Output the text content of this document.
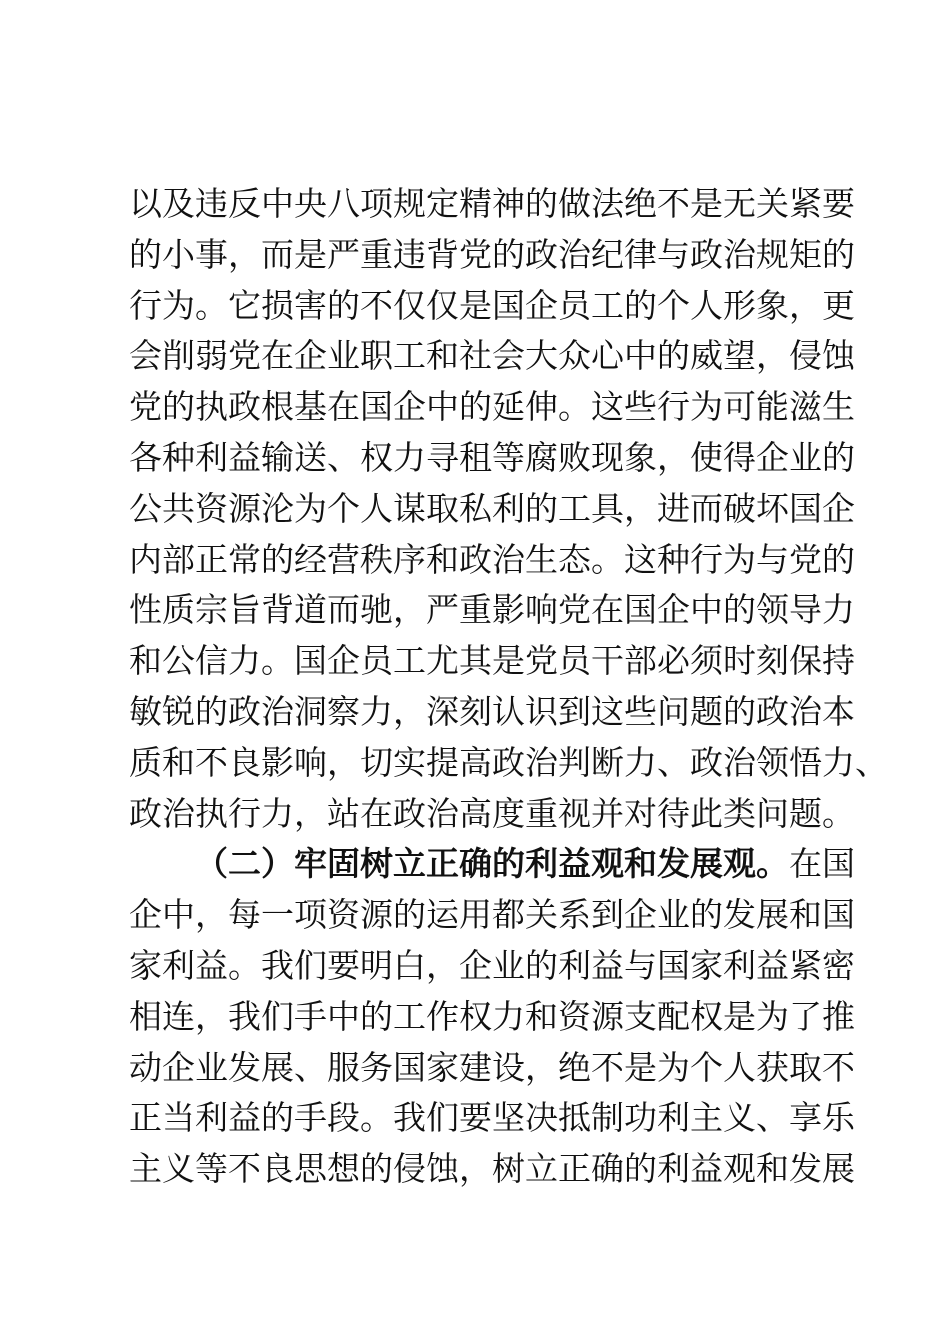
以及违反中央八项规定精神的做法绝不是无关紧要
的小事，而是严重违背党的政治纪律与政治规矩的
行为。它损害的不仅仅是国企员工的个人形象，更
会削弱党在企业职工和社会大众心中的威望，侵蚀
党的执政根基在国企中的延伸。这些行为可能滋生
各种利益输送、权力寻租等腐败现象，使得企业的
公共资源沦为个人谋取私利的工具，进而破坏国企
内部正常的经营秩序和政治生态。这种行为与党的
性质宗旨背道而驰，严重影响党在国企中的领导力
和公信力。国企员工尤其是党员干部必须时刻保持
敏锐的政治洞察力，深刻认识到这些问题的政治本
质和不良影响，切实提高政治判断力、政治领悟力、
政治执行力，站在政治高度重视并对待此类问题。
（二）牢固树立正确的利益观和发展观。在国
企中，每一项资源的运用都关系到企业的发展和国
家利益。我们要明白，企业的利益与国家利益紧密
相连，我们手中的工作权力和资源支配权是为了推
动企业发展、服务国家建设，绝不是为个人获取不
正当利益的手段。我们要坚决抵制功利主义、享乐
主义等不良思想的侵蚀，树立正确的利益观和发展
